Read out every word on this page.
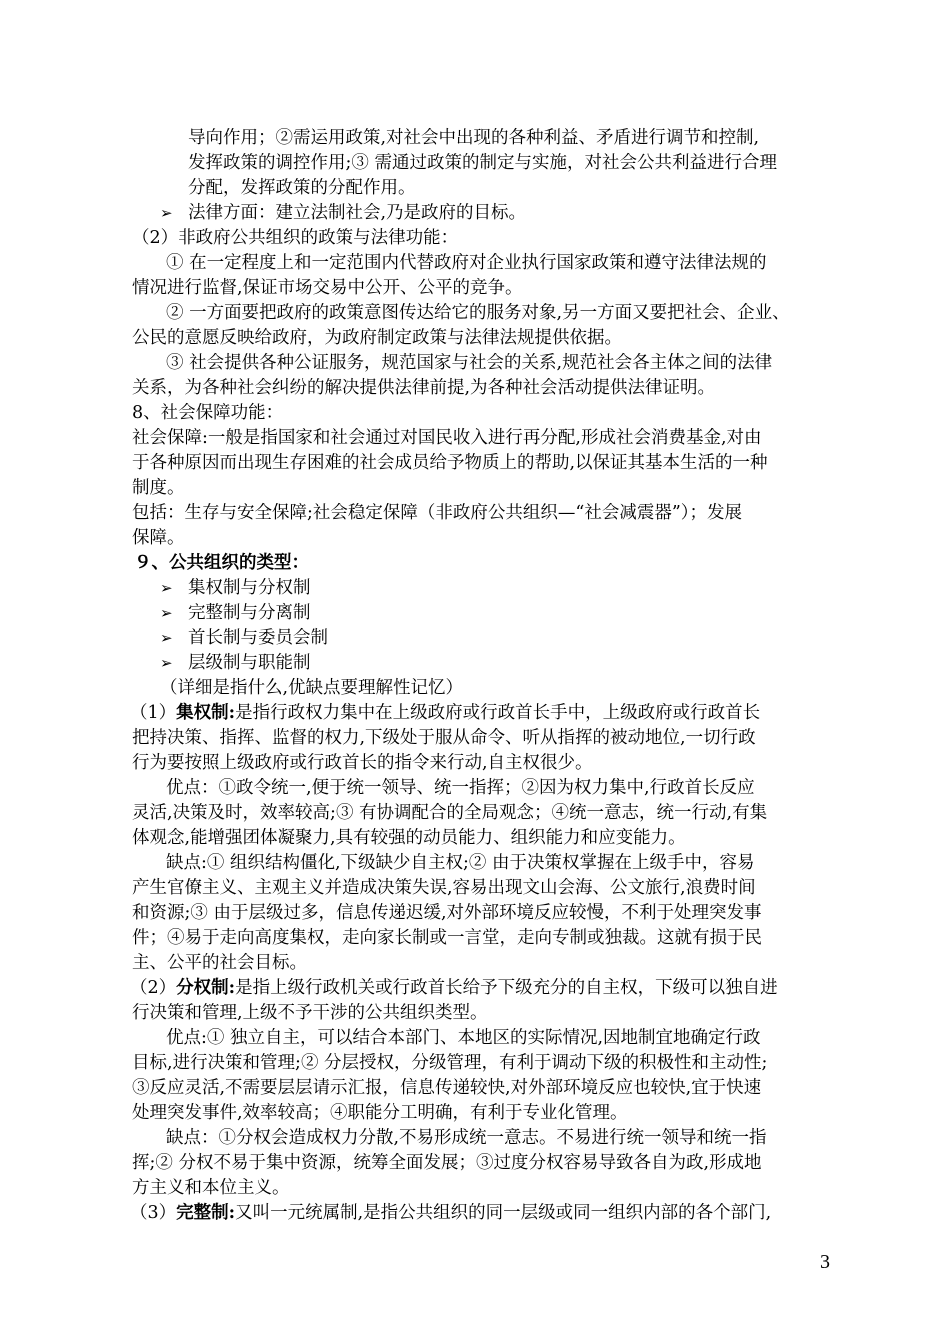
导向作用；②需运用政策,对社会中出现的各种利益、矛盾进行调节和控制,
发挥政策的调控作用;③ 需通过政策的制定与实施，对社会公共利益进行合理
分配，发挥政策的分配作用。
➢ 法律方面：建立法制社会,乃是政府的目标。
（2）非政府公共组织的政策与法律功能：
① 在一定程度上和一定范围内代替政府对企业执行国家政策和遵守法律法规的
情况进行监督,保证市场交易中公开、公平的竞争。
② 一方面要把政府的政策意图传达给它的服务对象,另一方面又要把社会、企业、
公民的意愿反映给政府，为政府制定政策与法律法规提供依据。
③ 社会提供各种公证服务，规范国家与社会的关系,规范社会各主体之间的法律
关系，为各种社会纠纷的解决提供法律前提,为各种社会活动提供法律证明。
8、社会保障功能：
社会保障:一般是指国家和社会通过对国民收入进行再分配,形成社会消费基金,对由
于各种原因而出现生存困难的社会成员给予物质上的帮助,以保证其基本生活的一种
制度。
包括：生存与安全保障;社会稳定保障（非政府公共组织—“社会减震器”）；发展
保障。
９、公共组织的类型：
➢ 集权制与分权制
➢ 完整制与分离制
➢ 首长制与委员会制
➢ 层级制与职能制
（详细是指什么,优缺点要理解性记忆）
（1）集权制:是指行政权力集中在上级政府或行政首长手中，上级政府或行政首长
把持决策、指挥、监督的权力,下级处于服从命令、听从指挥的被动地位,一切行政
行为要按照上级政府或行政首长的指令来行动,自主权很少。
优点：①政令统一,便于统一领导、统一指挥；②因为权力集中,行政首长反应
灵活,决策及时，效率较高;③ 有协调配合的全局观念；④统一意志，统一行动,有集
体观念,能增强团体凝聚力,具有较强的动员能力、组织能力和应变能力。
缺点:① 组织结构僵化,下级缺少自主权;② 由于决策权掌握在上级手中，容易
产生官僚主义、主观主义并造成决策失误,容易出现文山会海、公文旅行,浪费时间
和资源;③ 由于层级过多，信息传递迟缓,对外部环境反应较慢，不利于处理突发事
件；④易于走向高度集权，走向家长制或一言堂，走向专制或独裁。这就有损于民
主、公平的社会目标。
（2）分权制:是指上级行政机关或行政首长给予下级充分的自主权，下级可以独自进
行决策和管理,上级不予干涉的公共组织类型。
优点:① 独立自主，可以结合本部门、本地区的实际情况,因地制宜地确定行政
目标,进行决策和管理;② 分层授权，分级管理，有利于调动下级的积极性和主动性;
③反应灵活,不需要层层请示汇报，信息传递较快,对外部环境反应也较快,宜于快速
处理突发事件,效率较高；④职能分工明确，有利于专业化管理。
缺点：①分权会造成权力分散,不易形成统一意志。不易进行统一领导和统一指
挥;② 分权不易于集中资源，统筹全面发展；③过度分权容易导致各自为政,形成地
方主义和本位主义。
（3）完整制:又叫一元统属制,是指公共组织的同一层级或同一组织内部的各个部门,
3
